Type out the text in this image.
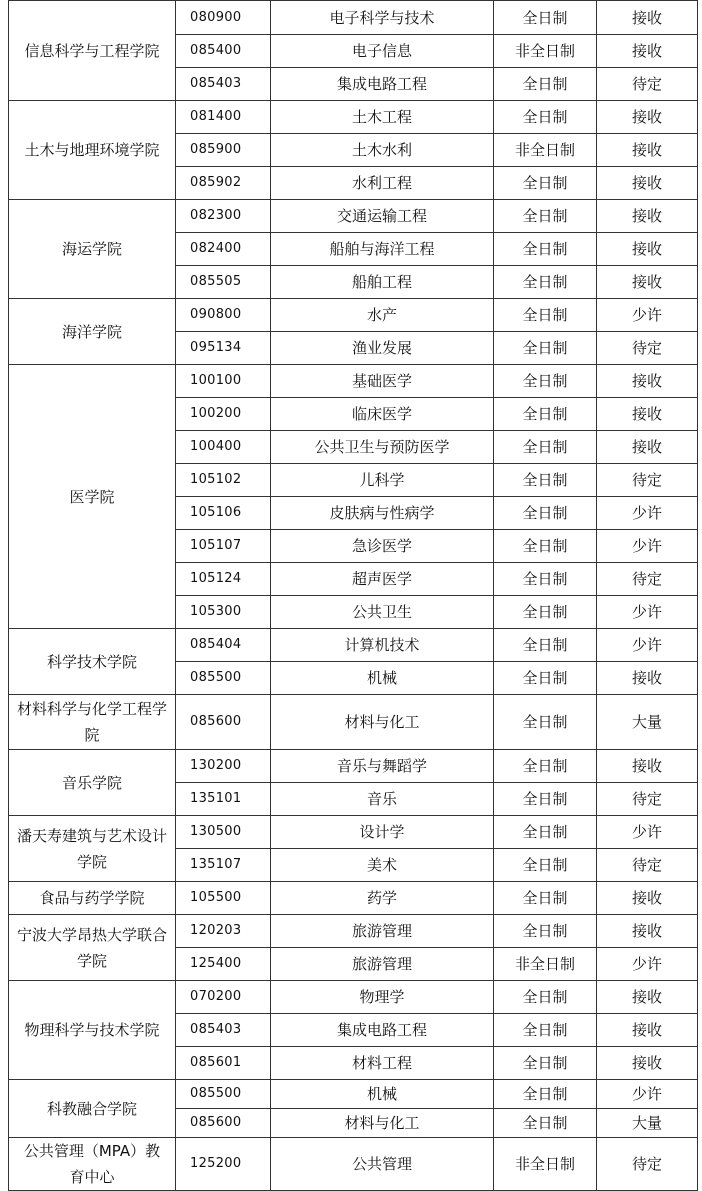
信息科学与工程学院	080900	电子科学与技术	全日制	接收
	085400	电子信息	非全日制	接收
	085403	集成电路工程	全日制	待定
土木与地理环境学院	081400	土木工程	全日制	接收
	085900	土木水利	非全日制	接收
	085902	水利工程	全日制	接收
海运学院	082300	交通运输工程	全日制	接收
	082400	船舶与海洋工程	全日制	接收
	085505	船舶工程	全日制	接收
海洋学院	090800	水产	全日制	少许
	095134	渔业发展	全日制	待定
医学院	100100	基础医学	全日制	接收
	100200	临床医学	全日制	接收
	100400	公共卫生与预防医学	全日制	接收
	105102	儿科学	全日制	待定
	105106	皮肤病与性病学	全日制	少许
	105107	急诊医学	全日制	少许
	105124	超声医学	全日制	待定
	105300	公共卫生	全日制	少许
科学技术学院	085404	计算机技术	全日制	少许
	085500	机械	全日制	接收
材料科学与化学工程学院	085600	材料与化工	全日制	大量
音乐学院	130200	音乐与舞蹈学	全日制	接收
	135101	音乐	全日制	待定
潘天寿建筑与艺术设计学院	130500	设计学	全日制	少许
	135107	美术	全日制	待定
食品与药学学院	105500	药学	全日制	接收
宁波大学昂热大学联合学院	120203	旅游管理	全日制	接收
	125400	旅游管理	非全日制	少许
物理科学与技术学院	070200	物理学	全日制	接收
	085403	集成电路工程	全日制	接收
	085601	材料工程	全日制	接收
科教融合学院	085500	机械	全日制	少许
	085600	材料与化工	全日制	大量
公共管理（MPA）教育中心	125200	公共管理	非全日制	待定
